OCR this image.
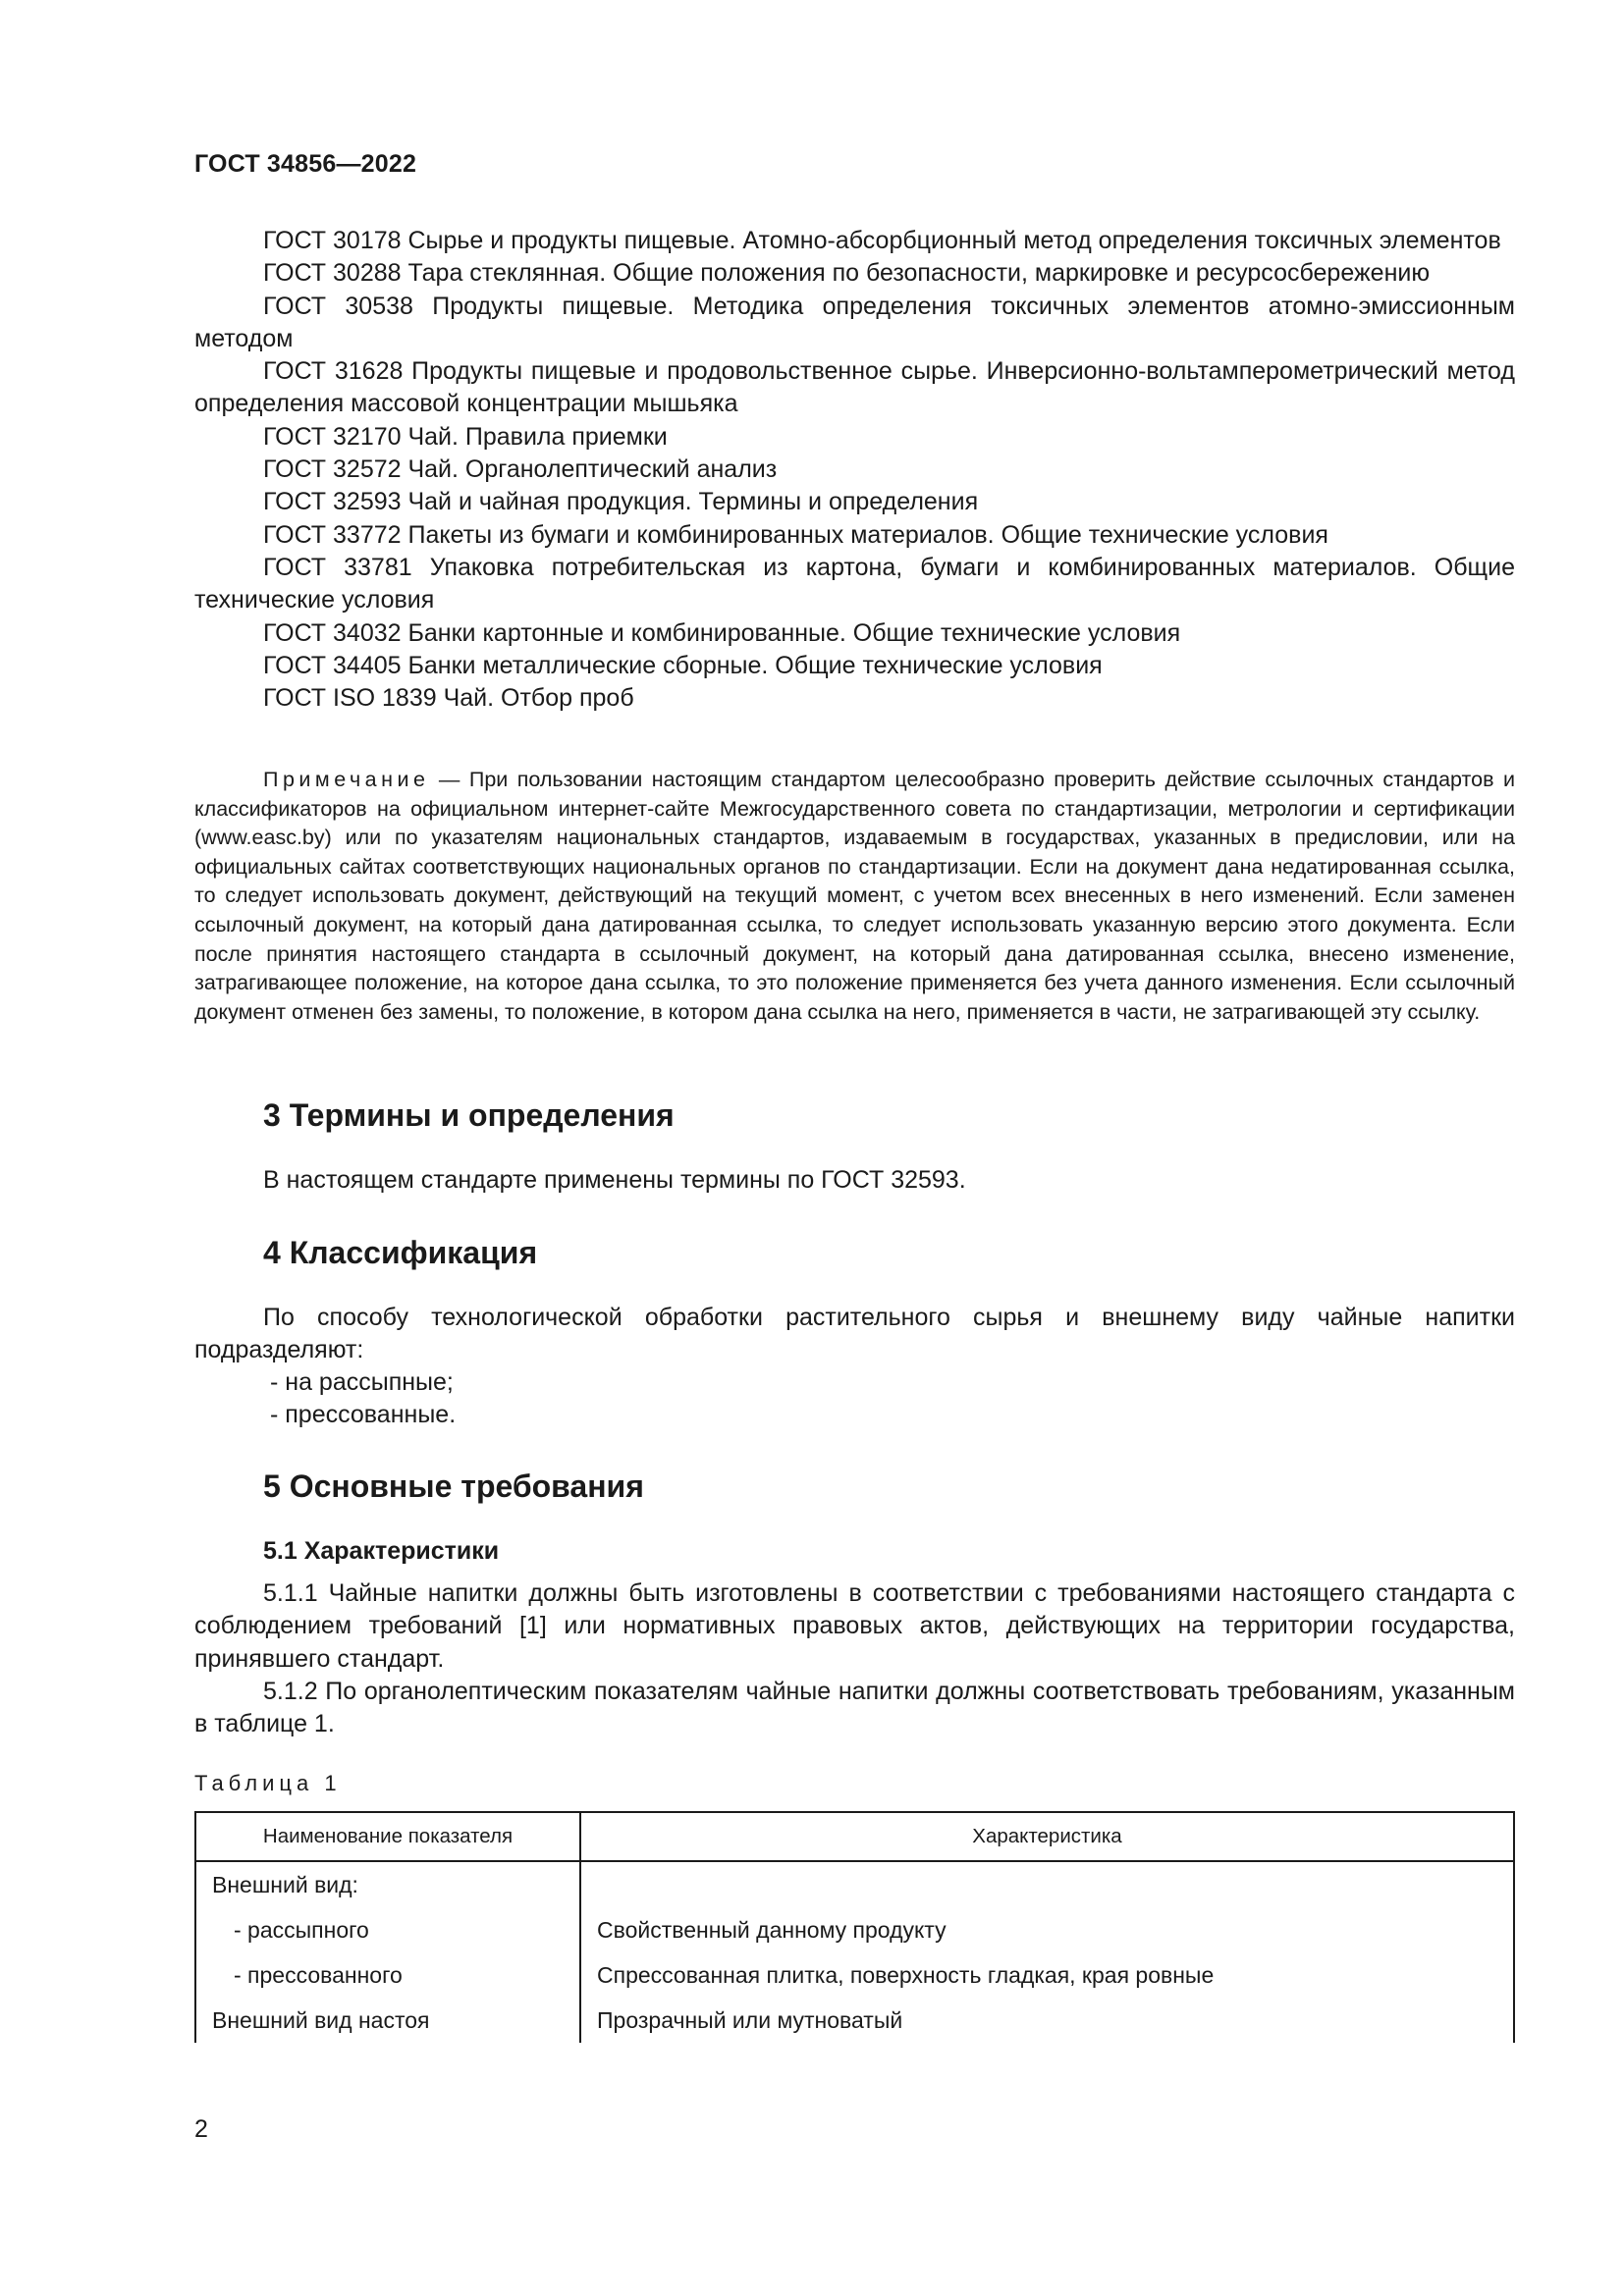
ГОСТ 34856—2022

ГОСТ 30178 Сырье и продукты пищевые. Атомно-абсорбционный метод определения токсичных элементов

ГОСТ 30288 Тара стеклянная. Общие положения по безопасности, маркировке и ресурсосбережению

ГОСТ 30538 Продукты пищевые. Методика определения токсичных элементов атомно-эмиссионным методом

ГОСТ 31628 Продукты пищевые и продовольственное сырье. Инверсионно-вольтамперометрический метод определения массовой концентрации мышьяка

ГОСТ 32170 Чай. Правила приемки

ГОСТ 32572 Чай. Органолептический анализ

ГОСТ 32593 Чай и чайная продукция. Термины и определения

ГОСТ 33772 Пакеты из бумаги и комбинированных материалов. Общие технические условия

ГОСТ 33781 Упаковка потребительская из картона, бумаги и комбинированных материалов. Общие технические условия

ГОСТ 34032 Банки картонные и комбинированные. Общие технические условия

ГОСТ 34405 Банки металлические сборные. Общие технические условия

ГОСТ ISO 1839 Чай. Отбор проб

Примечание — При пользовании настоящим стандартом целесообразно проверить действие ссылочных стандартов и классификаторов на официальном интернет-сайте Межгосударственного совета по стандартизации, метрологии и сертификации (www.easc.by) или по указателям национальных стандартов, издаваемым в государствах, указанных в предисловии, или на официальных сайтах соответствующих национальных органов по стандартизации. Если на документ дана недатированная ссылка, то следует использовать документ, действующий на текущий момент, с учетом всех внесенных в него изменений. Если заменен ссылочный документ, на который дана датированная ссылка, то следует использовать указанную версию этого документа. Если после принятия настоящего стандарта в ссылочный документ, на который дана датированная ссылка, внесено изменение, затрагивающее положение, на которое дана ссылка, то это положение применяется без учета данного изменения. Если ссылочный документ отменен без замены, то положение, в котором дана ссылка на него, применяется в части, не затрагивающей эту ссылку.

3 Термины и определения

В настоящем стандарте применены термины по ГОСТ 32593.

4 Классификация

По способу технологической обработки растительного сырья и внешнему виду чайные напитки подразделяют:

- на рассыпные;

- прессованные.

5 Основные требования
5.1 Характеристики

5.1.1 Чайные напитки должны быть изготовлены в соответствии с требованиями настоящего стандарта с соблюдением требований [1] или нормативных правовых актов, действующих на территории государства, принявшего стандарт.

5.1.2 По органолептическим показателям чайные напитки должны соответствовать требованиям, указанным в таблице 1.

Таблица 1
Наименование показателя	Характеристика
Внешний вид:	
- рассыпного	Свойственный данному продукту
- прессованного	Спрессованная плитка, поверхность гладкая, края ровные
Внешний вид настоя	Прозрачный или мутноватый
2
